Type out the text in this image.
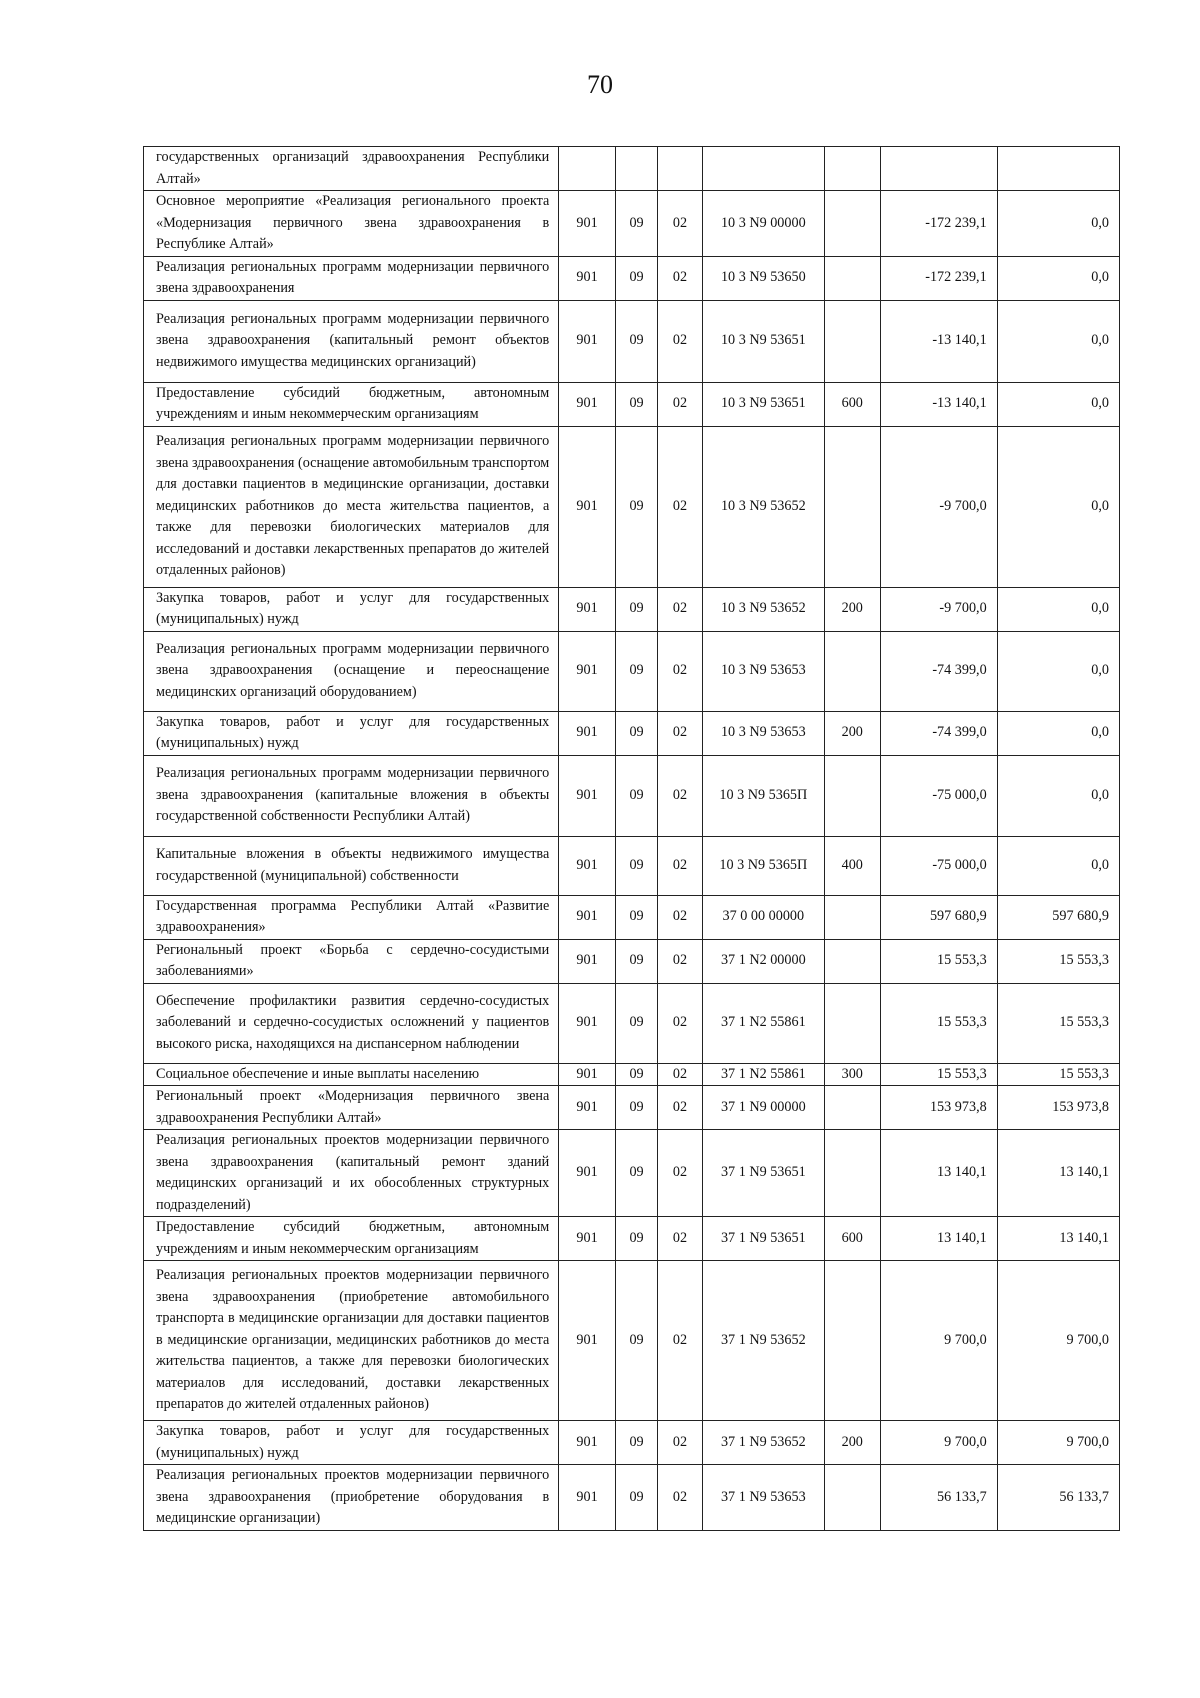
70
государственных организаций здравоохранения Республики Алтай»							
Основное мероприятие «Реализация регионального проекта «Модернизация первичного звена здравоохранения в Республике Алтай»	901	09	02	10 3 N9 00000		-172 239,1	0,0
Реализация региональных программ модернизации первичного звена здравоохранения	901	09	02	10 3 N9 53650		-172 239,1	0,0
Реализация региональных программ модернизации первичного звена здравоохранения (капитальный ремонт объектов недвижимого имущества медицинских организаций)	901	09	02	10 3 N9 53651		-13 140,1	0,0
Предоставление субсидий бюджетным, автономным учреждениям и иным некоммерческим организациям	901	09	02	10 3 N9 53651	600	-13 140,1	0,0
Реализация региональных программ модернизации первичного звена здравоохранения (оснащение автомобильным транспортом для доставки пациентов в медицинские организации, доставки медицинских работников до места жительства пациентов, а также для перевозки биологических материалов для исследований и доставки лекарственных препаратов до жителей отдаленных районов)	901	09	02	10 3 N9 53652		-9 700,0	0,0
Закупка товаров, работ и услуг для государственных (муниципальных) нужд	901	09	02	10 3 N9 53652	200	-9 700,0	0,0
Реализация региональных программ модернизации первичного звена здравоохранения (оснащение и переоснащение медицинских организаций оборудованием)	901	09	02	10 3 N9 53653		-74 399,0	0,0
Закупка товаров, работ и услуг для государственных (муниципальных) нужд	901	09	02	10 3 N9 53653	200	-74 399,0	0,0
Реализация региональных программ модернизации первичного звена здравоохранения (капитальные вложения в объекты государственной собственности Республики Алтай)	901	09	02	10 3 N9 5365П		-75 000,0	0,0
Капитальные вложения в объекты недвижимого имущества государственной (муниципальной) собственности	901	09	02	10 3 N9 5365П	400	-75 000,0	0,0
Государственная программа Республики Алтай «Развитие здравоохранения»	901	09	02	37 0 00 00000		597 680,9	597 680,9
Региональный проект «Борьба с сердечно-сосудистыми заболеваниями»	901	09	02	37 1 N2 00000		15 553,3	15 553,3
Обеспечение профилактики развития сердечно-сосудистых заболеваний и сердечно-сосудистых осложнений у пациентов высокого риска, находящихся на диспансерном наблюдении	901	09	02	37 1 N2 55861		15 553,3	15 553,3
Социальное обеспечение и иные выплаты населению	901	09	02	37 1 N2 55861	300	15 553,3	15 553,3
Региональный проект «Модернизация первичного звена здравоохранения Республики Алтай»	901	09	02	37 1 N9 00000		153 973,8	153 973,8
Реализация региональных проектов модернизации первичного звена здравоохранения (капитальный ремонт зданий медицинских организаций и их обособленных структурных подразделений)	901	09	02	37 1 N9 53651		13 140,1	13 140,1
Предоставление субсидий бюджетным, автономным учреждениям и иным некоммерческим организациям	901	09	02	37 1 N9 53651	600	13 140,1	13 140,1
Реализация региональных проектов модернизации первичного звена здравоохранения (приобретение автомобильного транспорта в медицинские организации для доставки пациентов в медицинские организации, медицинских работников до места жительства пациентов, а также для перевозки биологических материалов для исследований, доставки лекарственных препаратов до жителей отдаленных районов)	901	09	02	37 1 N9 53652		9 700,0	9 700,0
Закупка товаров, работ и услуг для государственных (муниципальных) нужд	901	09	02	37 1 N9 53652	200	9 700,0	9 700,0
Реализация региональных проектов модернизации первичного звена здравоохранения (приобретение оборудования в медицинские организации)	901	09	02	37 1 N9 53653		56 133,7	56 133,7
